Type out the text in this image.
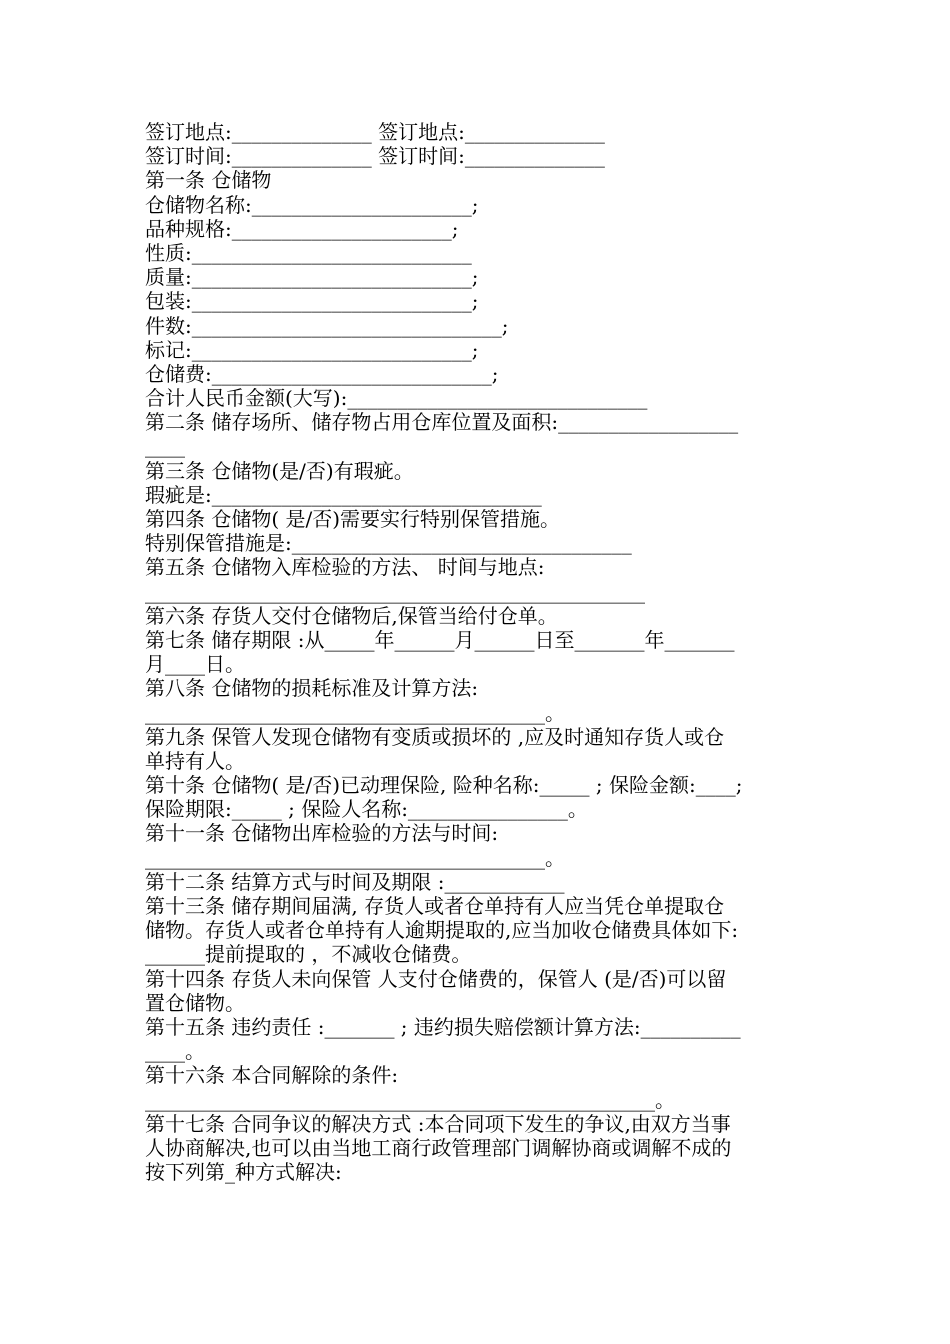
签订地点:______________ 签订地点:______________
签订时间:______________ 签订时间:______________
第一条 仓储物
仓储物名称:______________________;
品种规格:______________________;
性质:____________________________
质量:____________________________;
包装:____________________________;
件数:_______________________________;
标记:____________________________;
仓储费:____________________________;
合计人民币金额(大写):______________________________
第二条 储存场所、储存物占用仓库位置及面积:__________________
____
第三条 仓储物(是/否)有瑕疵。
瑕疵是:_________________________________
第四条 仓储物( 是/否)需要实行特别保管措施。
特别保管措施是:__________________________________
第五条 仓储物入库检验的方法、 时间与地点:
__________________________________________________
第六条 存货人交付仓储物后,保管当给付仓单。
第七条 储存期限 :从_____年______月______日至_______年_______
月____日。
第八条 仓储物的损耗标准及计算方法:
________________________________________。
第九条 保管人发现仓储物有变质或损坏的 ,应及时通知存货人或仓
单持有人。
第十条 仓储物( 是/否)已动理保险, 险种名称:_____ ; 保险金额:____;
保险期限:_____ ; 保险人名称:________________。
第十一条 仓储物出库检验的方法与时间:
________________________________________。
第十二条 结算方式与时间及期限 :____________
第十三条 储存期间届满, 存货人或者仓单持有人应当凭仓单提取仓
储物。存货人或者仓单持有人逾期提取的,应当加收仓储费具体如下:
______提前提取的 ，不减收仓储费。
第十四条 存货人未向保管 人支付仓储费的，保管人 (是/否)可以留
置仓储物。
第十五条 违约责任 :_______ ; 违约损失赔偿额计算方法:__________
____。
第十六条 本合同解除的条件:
___________________________________________________。
第十七条 合同争议的解决方式 :本合同项下发生的争议,由双方当事
人协商解决,也可以由当地工商行政管理部门调解协商或调解不成的
按下列第_种方式解决:
